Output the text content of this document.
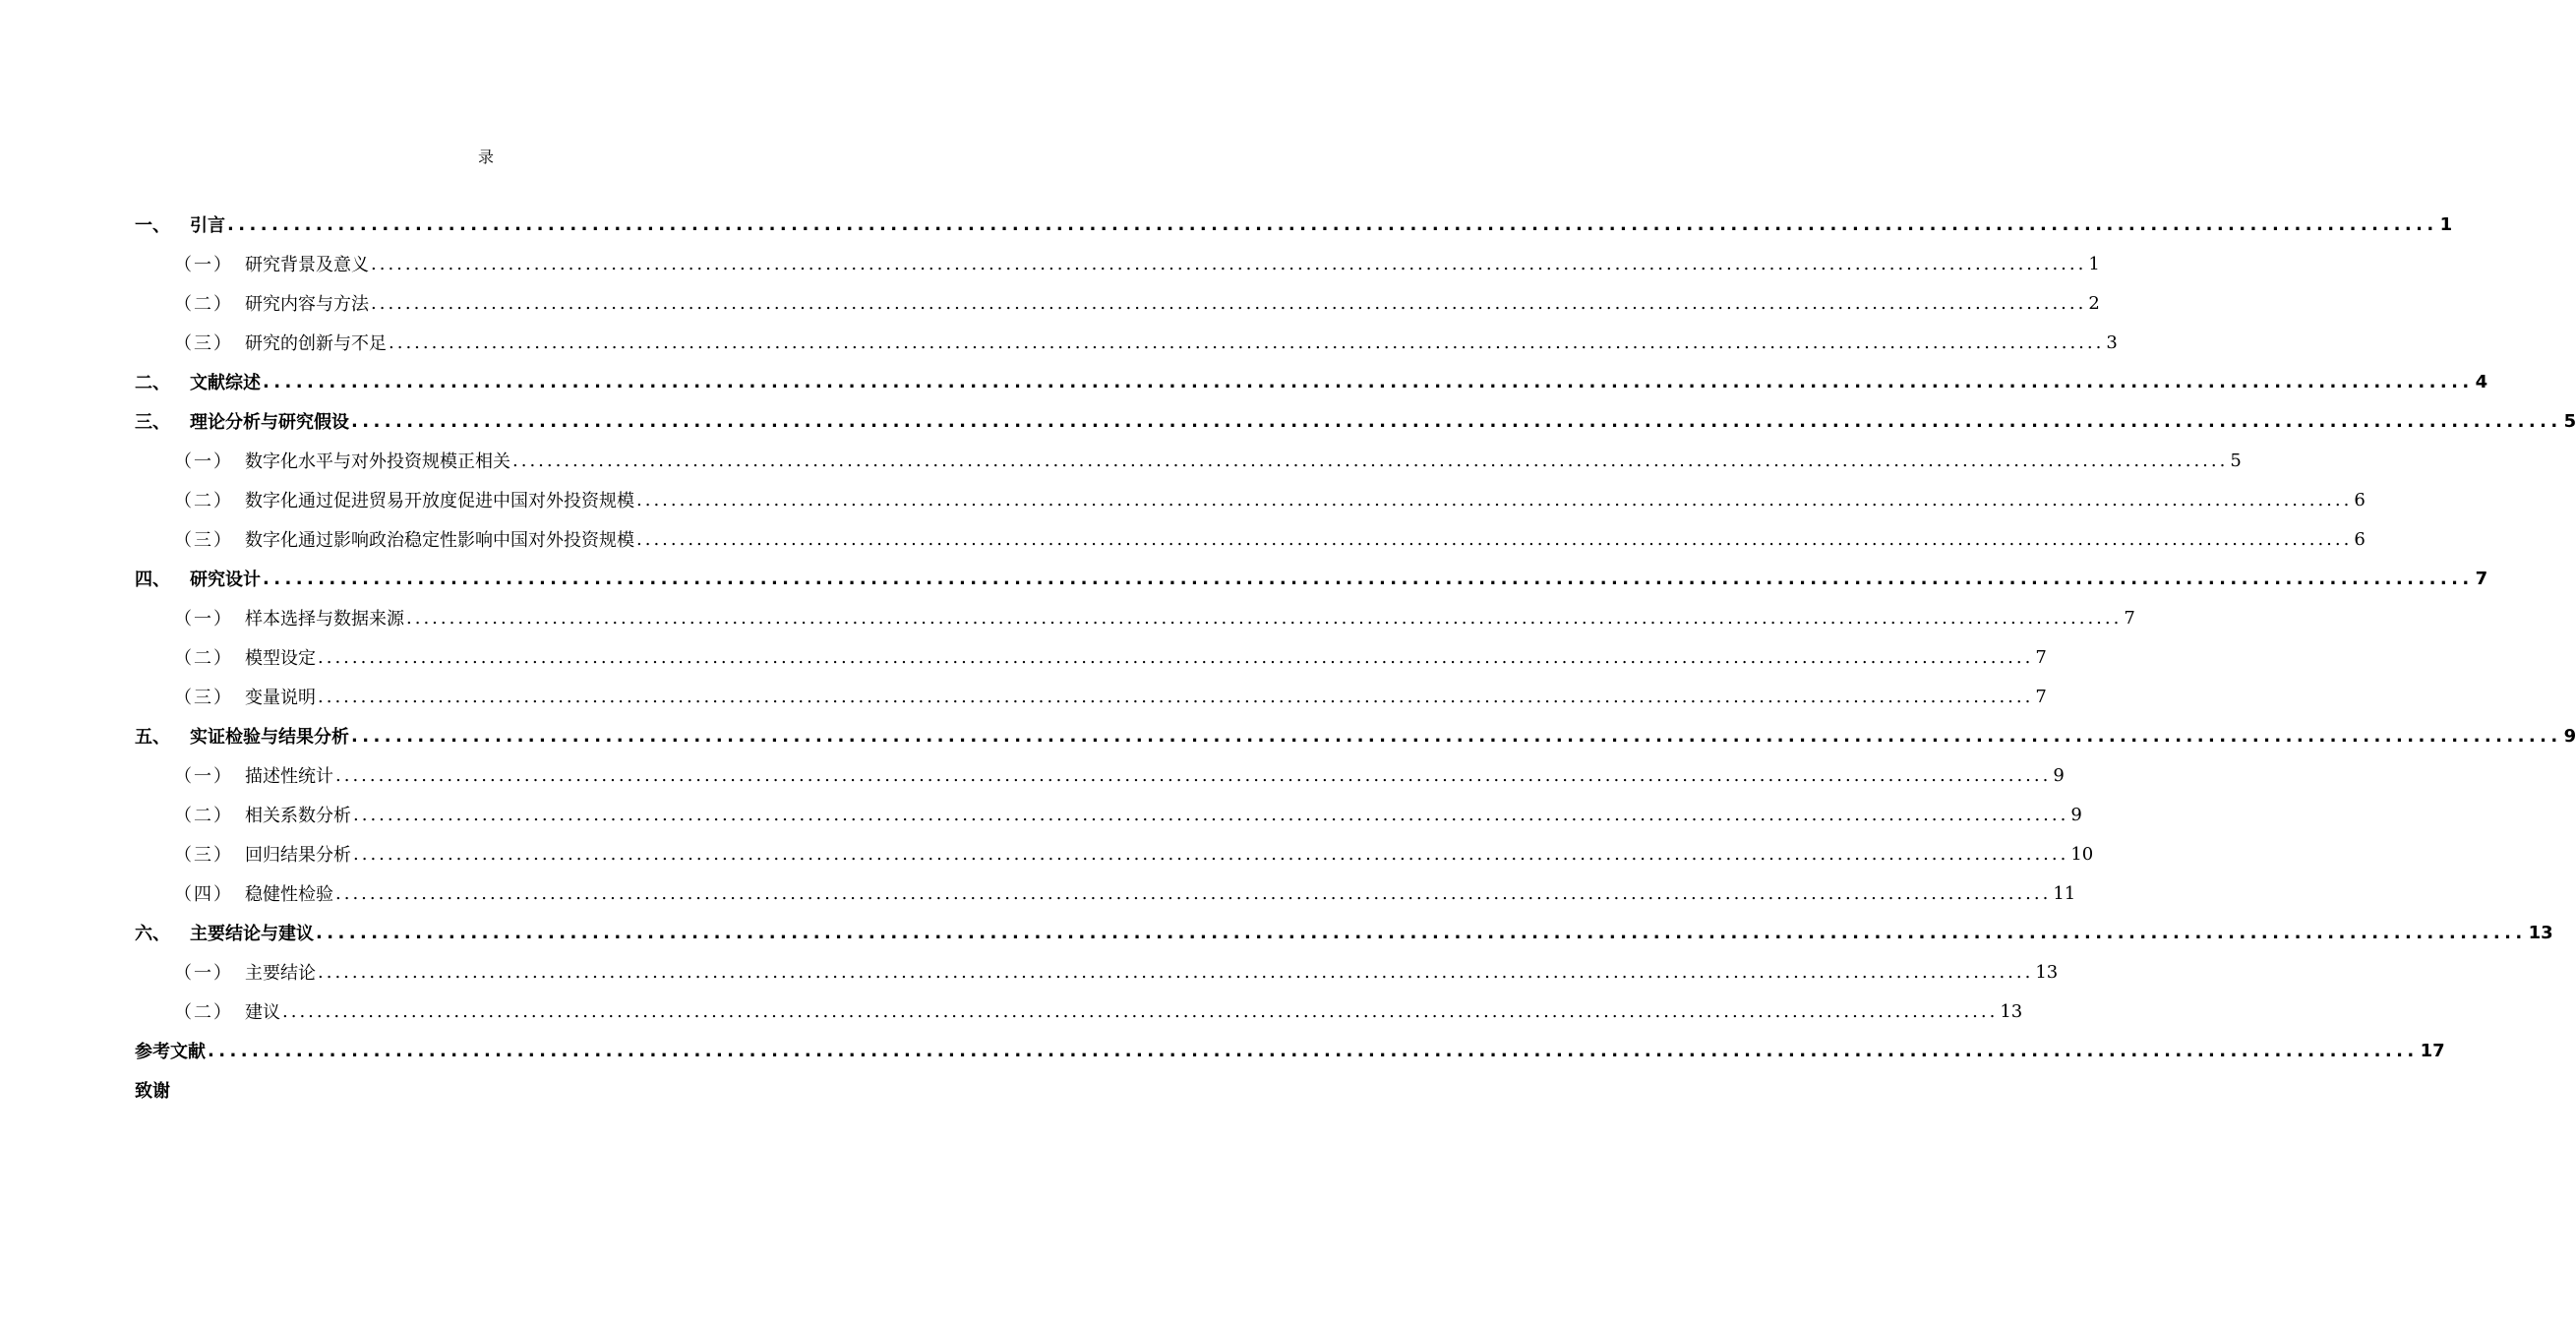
录
一、	引言 ........................................................................................................................................................................................................ 1
（一） 研究背景及意义 ........................................................................................................................................................................................................ 1
（二） 研究内容与方法 ........................................................................................................................................................................................................ 2
（三） 研究的创新与不足 ........................................................................................................................................................................................................ 3
二、	文献综述 ........................................................................................................................................................................................................ 4
三、	理论分析与研究假设 ........................................................................................................................................................................................................ 5
（一） 数字化水平与对外投资规模正相关 ........................................................................................................................................................................................................ 5
（二） 数字化通过促进贸易开放度促进中国对外投资规模 ........................................................................................................................................................................................................ 6
（三） 数字化通过影响政治稳定性影响中国对外投资规模 ........................................................................................................................................................................................................ 6
四、	研究设计 ........................................................................................................................................................................................................ 7
（一） 样本选择与数据来源 ........................................................................................................................................................................................................ 7
（二） 模型设定 ........................................................................................................................................................................................................ 7
（三） 变量说明 ........................................................................................................................................................................................................ 7
五、	实证检验与结果分析 ........................................................................................................................................................................................................ 9
（一） 描述性统计 ........................................................................................................................................................................................................ 9
（二） 相关系数分析 ........................................................................................................................................................................................................ 9
（三） 回归结果分析 ........................................................................................................................................................................................................ 10
（四） 稳健性检验 ........................................................................................................................................................................................................ 11
六、	主要结论与建议 ........................................................................................................................................................................................................ 13
（一） 主要结论 ........................................................................................................................................................................................................ 13
（二） 建议 ........................................................................................................................................................................................................ 13
参考文献 ........................................................................................................................................................................................................ 17
致谢
